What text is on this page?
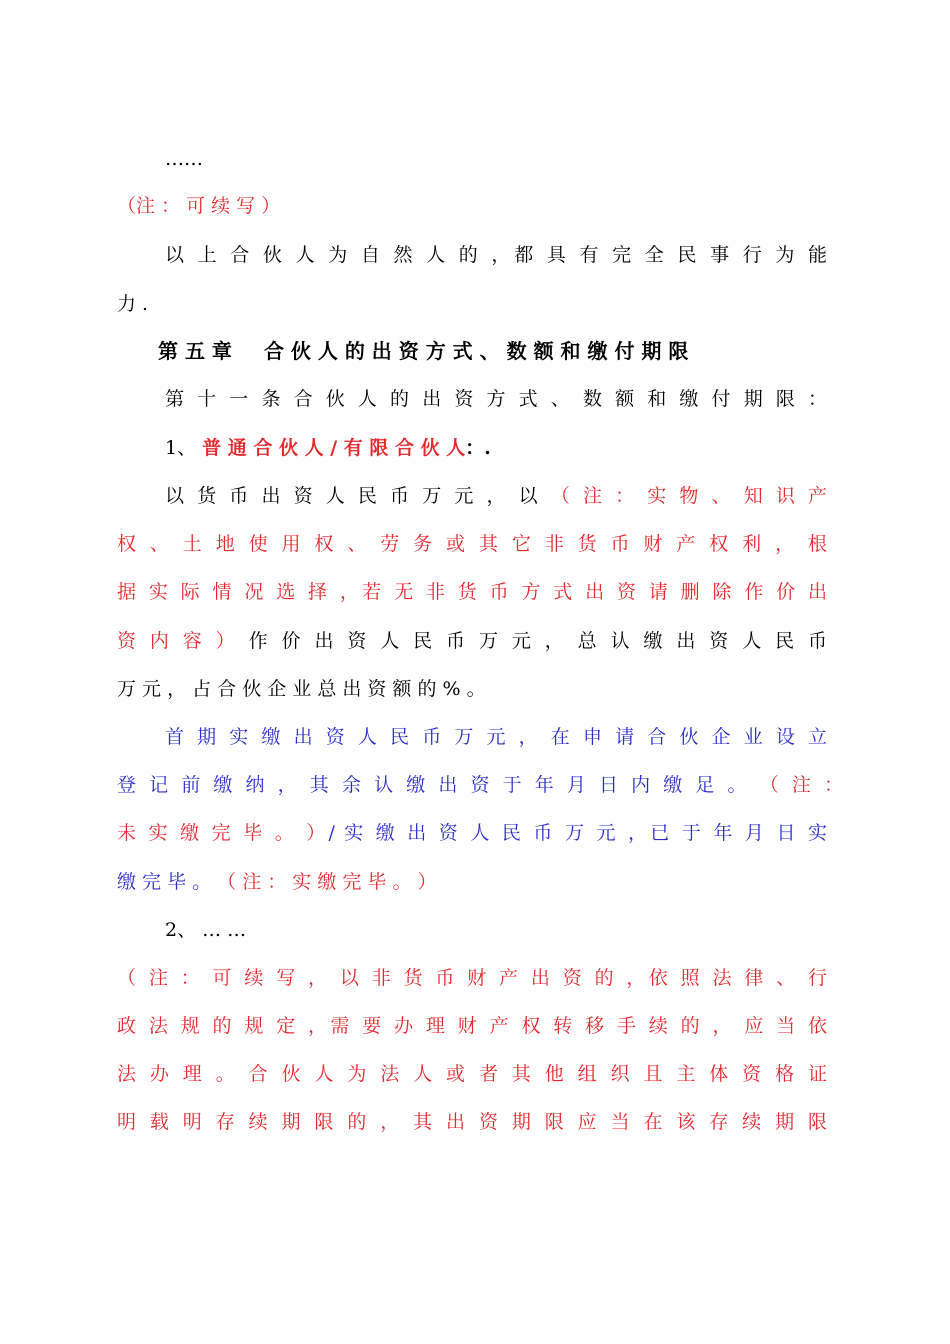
……
（注 ： 可 续 写 ）
以 上 合 伙 人 为 自 然 人 的 ，都 具 有 完 全 民 事 行 为 能
力 .
第 五 章 合 伙 人 的 出 资 方 式 、 数 额 和 缴 付 期 限
第 十 一 条 合 伙 人 的 出 资 方 式 、 数 额 和 缴 付 期 限 ：
1、 普 通 合 伙 人 / 有 限 合 伙 人：.
以 货 币 出 资 人 民 币 万 元 ， 以 （ 注 ： 实 物 、 知 识 产
权 、 土 地 使 用 权 、 劳 务 或 其 它 非 货 币 财 产 权 利 ， 根
据 实 际 情 况 选 择 ，若 无 非 货 币 方 式 出 资 请 删 除 作 价 出
资 内 容 ） 作 价 出 资 人 民 币 万 元 ， 总 认 缴 出 资 人 民 币
万 元 ， 占 合 伙 企 业 总 出 资 额 的 % 。
首 期 实 缴 出 资 人 民 币 万 元 ， 在 申 请 合 伙 企 业 设 立
登 记 前 缴 纳 ， 其 余 认 缴 出 资 于 年 月 日 内 缴 足 。 （ 注 ：
未 实 缴 完 毕 。 ）/ 实 缴 出 资 人 民 币 万 元 ，已 于 年 月 日 实
缴 完 毕 。 （ 注 ： 实 缴 完 毕 。 ）
2、 … …
（ 注 ： 可 续 写 ， 以 非 货 币 财 产 出 资 的 ，依 照 法 律 、 行
政 法 规 的 规 定 ，需 要 办 理 财 产 权 转 移 手 续 的 ， 应 当 依
法 办 理 。 合 伙 人 为 法 人 或 者 其 他 组 织 且 主 体 资 格 证
明 载 明 存 续 期 限 的 ， 其 出 资 期 限 应 当 在 该 存 续 期 限
